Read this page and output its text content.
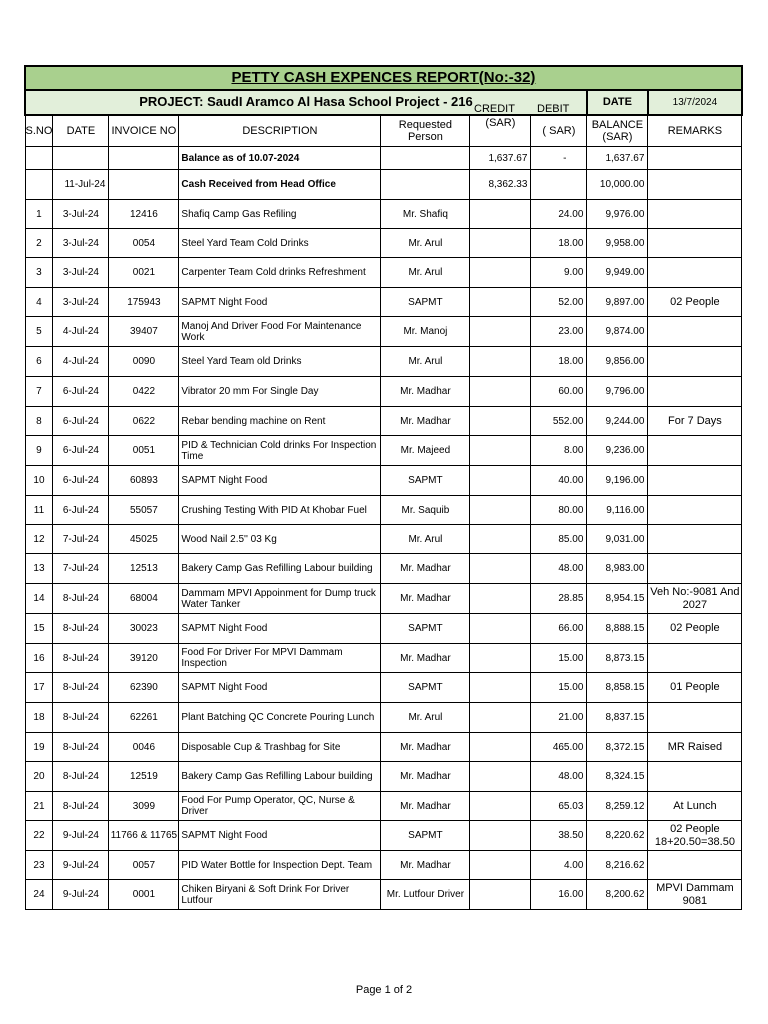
PETTY CASH EXPENCES REPORT(No:-32)								
PROJECT: SaudI Aramco Al Hasa School Project - 216							DATE	13/7/2024
S.NO	DATE	INVOICE NO	DESCRIPTION	Requested Person	(SAR)	( SAR)	BALANCE (SAR)	REMARKS
			Balance as of 10.07-2024		1,637.67	-	1,637.67	
	11-Jul-24		Cash Received from Head Office		8,362.33		10,000.00	
1	3-Jul-24	12416	Shafiq Camp Gas Refiling	Mr. Shafiq		24.00	9,976.00	
2	3-Jul-24	0054	Steel Yard Team Cold Drinks	Mr. Arul		18.00	9,958.00	
3	3-Jul-24	0021	Carpenter Team Cold drinks Refreshment	Mr. Arul		9.00	9,949.00	
4	3-Jul-24	175943	SAPMT Night Food	SAPMT		52.00	9,897.00	02 People
5	4-Jul-24	39407	Manoj And Driver Food For Maintenance Work	Mr. Manoj		23.00	9,874.00	
6	4-Jul-24	0090	Steel Yard Team old Drinks	Mr. Arul		18.00	9,856.00	
7	6-Jul-24	0422	Vibrator 20 mm For Single Day	Mr. Madhar		60.00	9,796.00	
8	6-Jul-24	0622	Rebar bending machine on Rent	Mr. Madhar		552.00	9,244.00	For 7 Days
9	6-Jul-24	0051	PID & Technician Cold drinks For Inspection Time	Mr. Majeed		8.00	9,236.00	
10	6-Jul-24	60893	SAPMT Night Food	SAPMT		40.00	9,196.00	
11	6-Jul-24	55057	Crushing Testing With PID At Khobar Fuel	Mr. Saquib		80.00	9,116.00	
12	7-Jul-24	45025	Wood Nail 2.5'' 03 Kg	Mr. Arul		85.00	9,031.00	
13	7-Jul-24	12513	Bakery Camp Gas Refilling Labour building	Mr. Madhar		48.00	8,983.00	
14	8-Jul-24	68004	Dammam MPVI Appoinment for Dump truck Water Tanker	Mr. Madhar		28.85	8,954.15	Veh No:-9081 And 2027
15	8-Jul-24	30023	SAPMT Night Food	SAPMT		66.00	8,888.15	02 People
16	8-Jul-24	39120	Food For Driver For MPVI Dammam Inspection	Mr. Madhar		15.00	8,873.15	
17	8-Jul-24	62390	SAPMT Night Food	SAPMT		15.00	8,858.15	01 People
18	8-Jul-24	62261	Plant Batching QC Concrete Pouring Lunch	Mr. Arul		21.00	8,837.15	
19	8-Jul-24	0046	Disposable Cup & Trashbag for Site	Mr. Madhar		465.00	8,372.15	MR Raised
20	8-Jul-24	12519	Bakery Camp Gas Refilling Labour building	Mr. Madhar		48.00	8,324.15	
21	8-Jul-24	3099	Food For Pump Operator, QC, Nurse & Driver	Mr. Madhar		65.03	8,259.12	At Lunch
22	9-Jul-24	11766 & 11765	SAPMT Night Food	SAPMT		38.50	8,220.62	02 People 18+20.50=38.50
23	9-Jul-24	0057	PID Water Bottle for Inspection Dept. Team	Mr. Madhar		4.00	8,216.62	
24	9-Jul-24	0001	Chiken Biryani & Soft Drink For Driver Lutfour	Mr. Lutfour Driver		16.00	8,200.62	MPVI Dammam 9081
CREDIT DEBIT
Page 1 of 2
